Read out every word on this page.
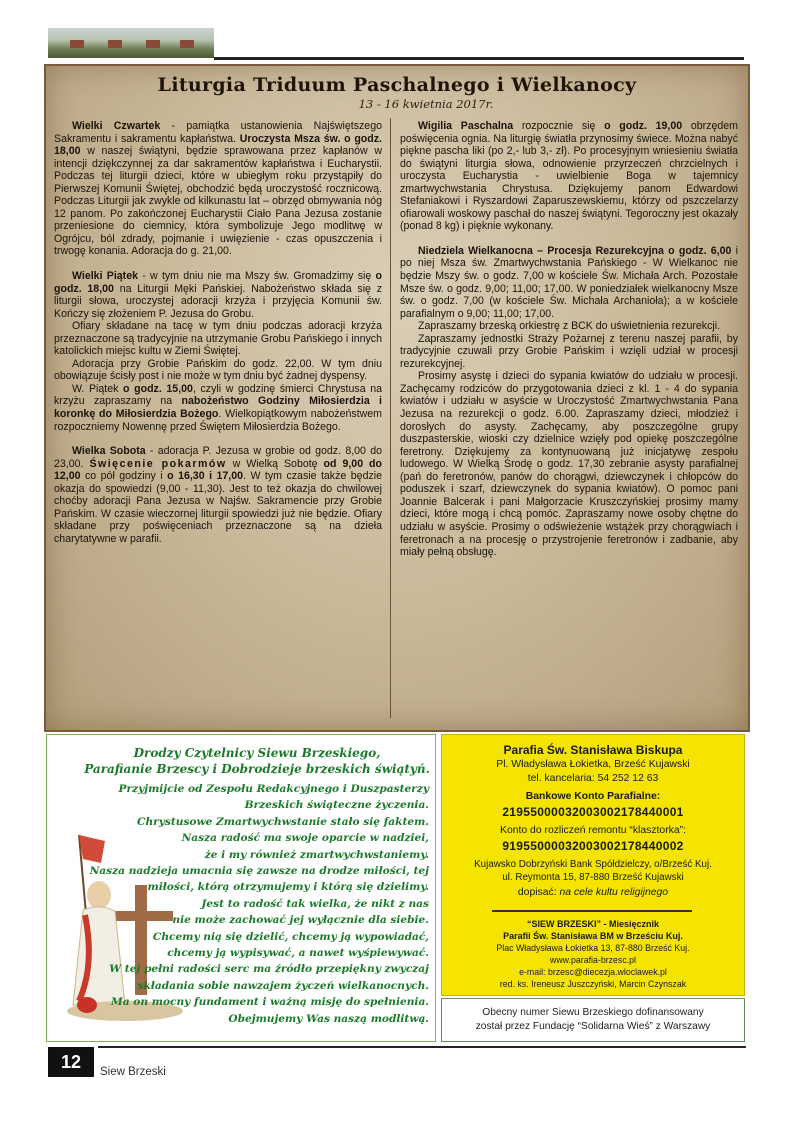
Liturgia Triduum Paschalnego i Wielkanocy
13 - 16 kwietnia 2017r.

Wielki Czwartek - pamiątka ustanowienia Najświętszego Sakramentu i sakramentu kapłaństwa. Uroczysta Msza św. o godz. 18,00 w naszej świątyni, będzie sprawowana przez kapłanów w intencji dziękczynnej za dar sakramentów kapłaństwa i Eucharystii. Podczas tej liturgii dzieci, które w ubiegłym roku przystąpiły do Pierwszej Komunii Świętej, obchodzić będą uroczystość rocznicową. Podczas Liturgii jak zwykle od kilkunastu lat – obrzęd obmywania nóg 12 panom. Po zakończonej Eucharystii Ciało Pana Jezusa zostanie przeniesione do ciemnicy, która symbolizuje Jego modlitwę w Ogrójcu, ból zdrady, pojmanie i uwięzienie - czas opuszczenia i trwogę konania. Adoracja do g. 21,00.

Wielki Piątek - w tym dniu nie ma Mszy św. Gromadzimy się o godz. 18,00 na Liturgii Męki Pańskiej. Nabożeństwo składa się z liturgii słowa, uroczystej adoracji krzyża i przyjęcia Komunii św. Kończy się złożeniem P. Jezusa do Grobu.

Ofiary składane na tacę w tym dniu podczas adoracji krzyża przeznaczone są tradycyjnie na utrzymanie Grobu Pańskiego i innych katolickich miejsc kultu w Ziemi Świętej.

Adoracja przy Grobie Pańskim do godz. 22,00. W tym dniu obowiązuje ścisły post i nie może w tym dniu być żadnej dyspensy.

W. Piątek o godz. 15,00, czyli w godzinę śmierci Chrystusa na krzyżu zapraszamy na nabożeństwo Godziny Miłosierdzia i koronkę do Miłosierdzia Bożego. Wielkopiątkowym nabożeństwem rozpoczniemy Nowennę przed Świętem Miłosierdzia Bożego.

Wielka Sobota - adoracja P. Jezusa w grobie od godz. 8,00 do 23,00. Święcenie pokarmów w Wielką Sobotę od 9,00 do 12,00 co pół godziny i o 16,30 i 17,00. W tym czasie także będzie okazja do spowiedzi (9,00 - 11,30). Jest to też okazja do chwilowej choćby adoracji Pana Jezusa w Najśw. Sakramencie przy Grobie Pańskim. W czasie wieczornej liturgii spowiedzi już nie będzie. Ofiary składane przy poświęceniach przeznaczone są na dzieła charytatywne w parafii.

Wigilia Paschalna rozpocznie się o godz. 19,00 obrzędem poświęcenia ognia. Na liturgię światła przynosimy świece. Można nabyć piękne pascha liki (po 2,- lub 3,- zł). Po procesyjnym wniesieniu światła do świątyni liturgia słowa, odnowienie przyrzeczeń chrzcielnych i uroczysta Eucharystia - uwielbienie Boga w tajemnicy zmartwychwstania Chrystusa. Dziękujemy panom Edwardowi Stefaniakowi i Ryszardowi Zaparuszewskiemu, którzy od pszczelarzy ofiarowali woskowy paschał do naszej świątyni. Tegoroczny jest okazały (ponad 8 kg) i pięknie wykonany.

Niedziela Wielkanocna – Procesja Rezurekcyjna o godz. 6,00 i po niej Msza św. Zmartwychwstania Pańskiego - W Wielkanoc nie będzie Mszy św. o godz. 7,00 w kościele Św. Michała Arch. Pozostałe Msze św. o godz. 9,00; 11,00; 17,00. W poniedziałek wielkanocny Msze św. o godz. 7,00 (w kościele Św. Michała Archanioła); a w kościele parafialnym o 9,00; 11,00; 17,00.

Zapraszamy brzeską orkiestrę z BCK do uświetnienia rezurekcji.

Zapraszamy jednostki Straży Pożarnej z terenu naszej parafii, by tradycyjnie czuwali przy Grobie Pańskim i wzięli udział w procesji rezurekcyjnej.

Prosimy asystę i dzieci do sypania kwiatów do udziału w procesji. Zachęcamy rodziców do przygotowania dzieci z kl. 1 - 4 do sypania kwiatów i udziału w asyście w Uroczystość Zmartwychwstania Pana Jezusa na rezurekcji o godz. 6.00. Zapraszamy dzieci, młodzież i dorosłych do asysty. Zachęcamy, aby poszczególne grupy duszpasterskie, wioski czy dzielnice wzięły pod opiekę poszczególne feretrony. Dziękujemy za kontynuowaną już inicjatywę zespołu ludowego. W Wielką Środę o godz. 17,30 zebranie asysty parafialnej (pań do feretronów, panów do chorągwi, dziewczynek i chłopców do poduszek i szarf, dziewczynek do sypania kwiatów). O pomoc pani Joannie Balcerak i pani Małgorzacie Kruszczyńskiej prosimy mamy dzieci, które mogą i chcą pomóc. Zapraszamy nowe osoby chętne do udziału w asyście. Prosimy o odświeżenie wstążek przy chorągwiach i feretronach a na procesję o przystrojenie feretronów i zadbanie, aby miały pełną obsługę.

Drodzy Czytelnicy Siewu Brzeskiego,
Parafianie Brzescy i Dobrodzieje brzeskich świątyń.
Przyjmijcie od Zespołu Redakcyjnego i Duszpasterzy
Brzeskich świąteczne życzenia.
Chrystusowe Zmartwychwstanie stało się faktem.
Nasza radość ma swoje oparcie w nadziei,
że i my również zmartwychwstaniemy.
Nasza nadzieja umacnia się zawsze na drodze miłości, tej
miłości, którą otrzymujemy i którą się dzielimy.
Jest to radość tak wielka, że nikt z nas
nie może zachować jej wyłącznie dla siebie.
Chcemy nią się dzielić, chcemy ją wypowiadać,
chcemy ją wypisywać, a nawet wyśpiewywać.
W tej pełni radości serc ma źródło przepiękny zwyczaj
składania sobie nawzajem życzeń wielkanocnych.
Ma on mocny fundament i ważną misję do spełnienia.
Obejmujemy Was naszą modlitwą.
Parafia Św. Stanisława Biskupa
Pl. Władysława Łokietka, Brześć Kujawski
tel. kancelaria: 54 252 12 63
Bankowe Konto Parafialne:
21955000032003002178440001
Konto do rozliczeń remontu “klasztorka”:
91955000032003002178440002
Kujawsko Dobrzyński Bank Spółdzielczy, o/Brześć Kuj.
ul. Reymonta 15, 87-880 Brześć Kujawski
dopisać: na cele kultu religijnego
“SIEW BRZESKI” - Miesięcznik
Parafii Św. Stanisława BM w Brześciu Kuj.
Plac Władysława Łokietka 13, 87-880 Brześć Kuj.
www.parafia-brzesc.pl
e-mail: brzesc@diecezja.wloclawek.pl
red. ks. Ireneusz Juszczyński, Marcin Czynszak
Obecny numer Siewu Brzeskiego dofinansowany
został przez Fundację “Solidarna Wieś” z Warszawy
12	Siew Brzeski
